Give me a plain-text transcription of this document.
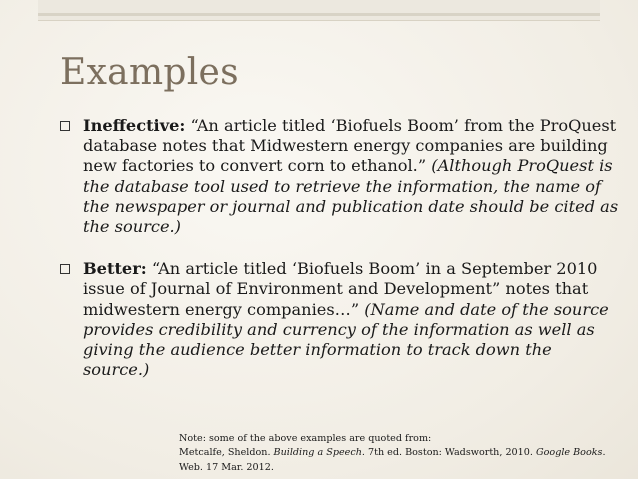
Examples
Ineffective: “An article titled ‘Biofuels Boom’ from the ProQuest database notes that Midwestern energy companies are building new factories to convert corn to ethanol.” (Although ProQuest is the database tool used to retrieve the information, the name of the newspaper or journal and publication date should be cited as the source.)
Better: “An article titled ‘Biofuels Boom’ in a September 2010 issue of Journal of Environment and Development” notes that midwestern energy companies…” (Name and date of the source provides credibility and currency of the information as well as giving the audience better information to track down the source.)
Note: some of the above examples are quoted from:
Metcalfe, Sheldon. Building a Speech. 7th ed. Boston: Wadsworth, 2010. Google Books. Web. 17 Mar. 2012.
